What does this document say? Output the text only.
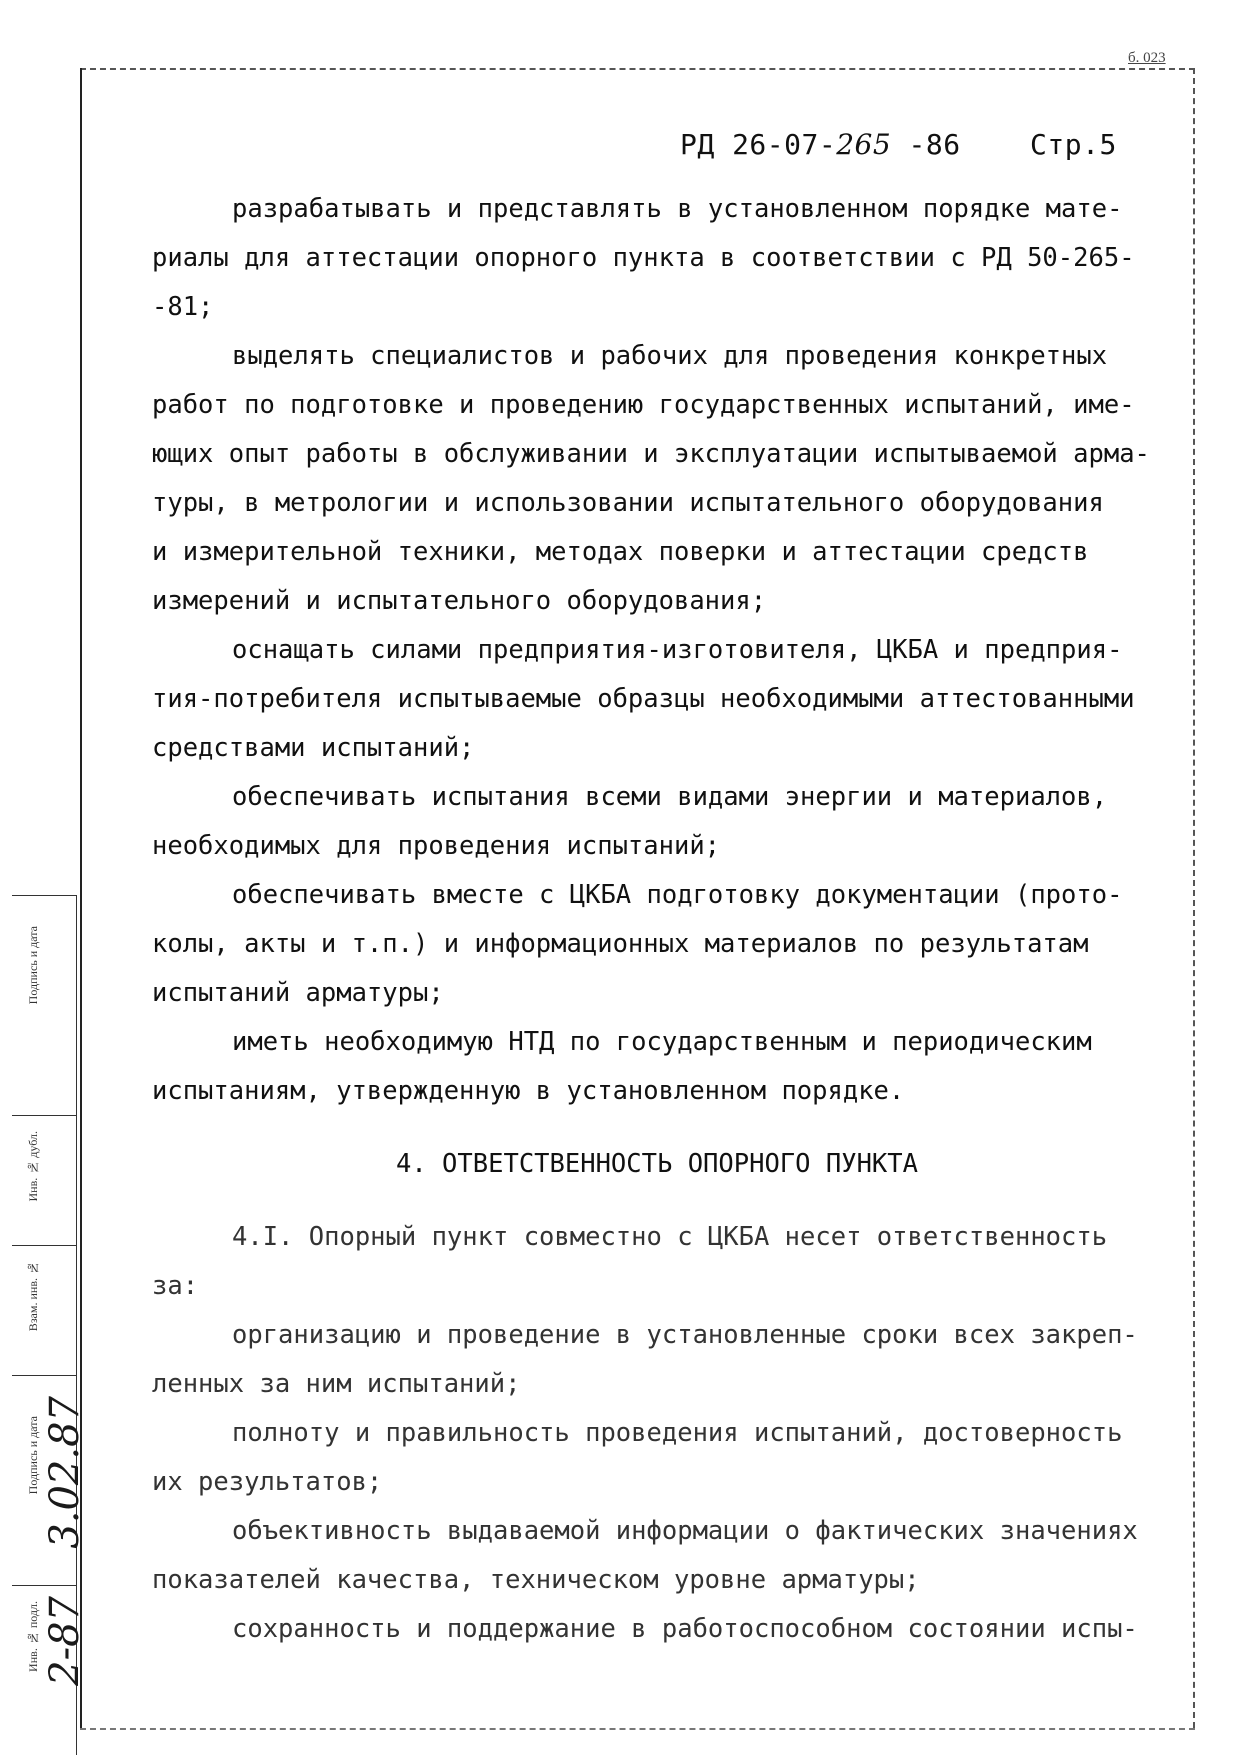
б. 023
РД 26-07-265 -86 Стр.5
разрабатывать и представлять в установленном порядке мате-
риалы для аттестации опорного пункта в соответствии с РД 50-265-
-81;
выделять специалистов и рабочих для проведения конкретных
работ по подготовке и проведению государственных испытаний, име-
ющих опыт работы в обслуживании и эксплуатации испытываемой арма-
туры, в метрологии и использовании испытательного оборудования
и измерительной техники, методах поверки и аттестации средств
измерений и испытательного оборудования;
оснащать силами предприятия-изготовителя, ЦКБА и предприя-
тия-потребителя испытываемые образцы необходимыми аттестованными
средствами испытаний;
обеспечивать испытания всеми видами энергии и материалов,
необходимых для проведения испытаний;
обеспечивать вместе с ЦКБА подготовку документации (прото-
колы, акты и т.п.) и информационных материалов по результатам
испытаний арматуры;
иметь необходимую НТД по государственным и периодическим
испытаниям, утвержденную в установленном порядке.
4. ОТВЕТСТВЕННОСТЬ ОПОРНОГО ПУНКТА
4.I. Опорный пункт совместно с ЦКБА несет ответственность
за:
организацию и проведение в установленные сроки всех закреп-
ленных за ним испытаний;
полноту и правильность проведения испытаний, достоверность
их результатов;
объективность выдаваемой информации о фактических значениях
показателей качества, техническом уровне арматуры;
сохранность и поддержание в работоспособном состоянии испы-
Подпись и дата
Инв. № дубл.
Взам. инв. №
Подпись и дата 3.02.87
Инв. № подл. 2-87
